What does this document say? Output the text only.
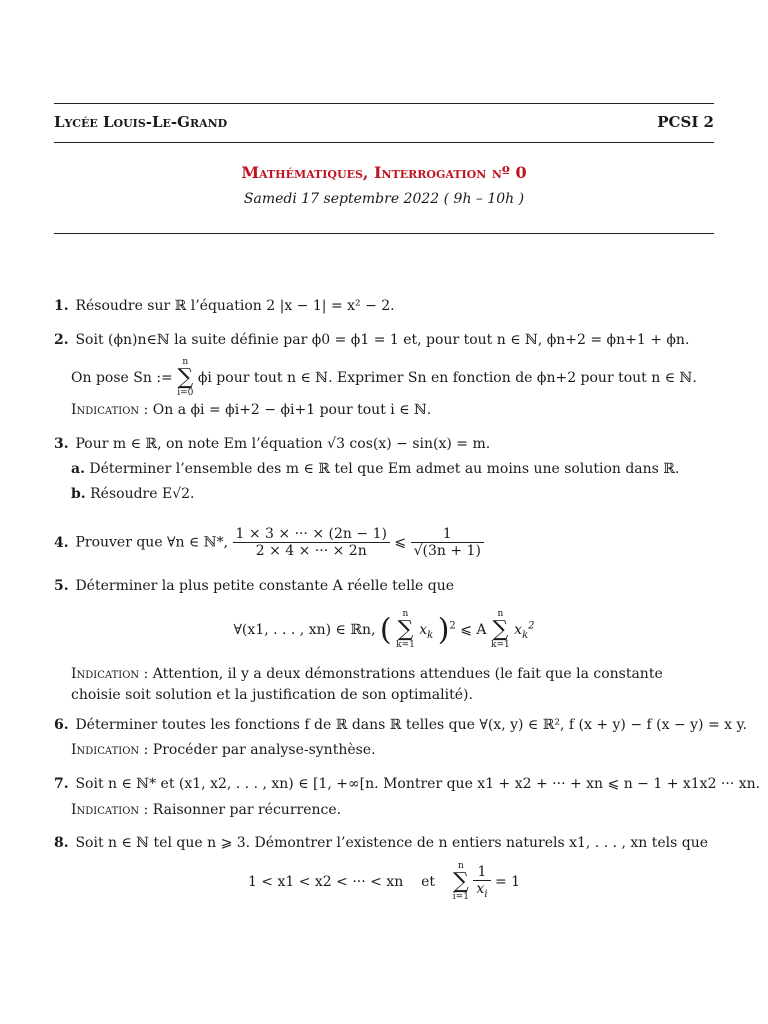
Lycée Louis-Le-Grand	PCSI 2
Mathématiques, Interrogation nº 0
Samedi 17 septembre 2022 ( 9h – 10h )
1. Résoudre sur ℝ l’équation 2 |x − 1| = x² − 2.
2. Soit (ϕn)n∈ℕ la suite définie par ϕ0 = ϕ1 = 1 et, pour tout n ∈ ℕ, ϕn+2 = ϕn+1 + ϕn.
On pose Sn :=
n
∑
i=0
ϕi pour tout n ∈ ℕ. Exprimer Sn en fonction de ϕn+2 pour tout n ∈ ℕ.
Indication : On a ϕi = ϕi+2 − ϕi+1 pour tout i ∈ ℕ.
3. Pour m ∈ ℝ, on note Em l’équation √3 cos(x) − sin(x) = m.
a. Déterminer l’ensemble des m ∈ ℝ tel que Em admet au moins une solution dans ℝ.
b. Résoudre E√2.
4. Prouver que ∀n ∈ ℕ*, $\frac{1 \times 3 \times \cdot\cdot\cdot \times (2n - 1)}{2 \times 4 \times \cdot\cdot\cdot \times 2n}$ ⩽ $\frac{1}{√(3n + 1)}$
5. Déterminer la plus petite constante A réelle telle que
∀(x1, . . . , xn) ∈ ℝn, (	n
∑
k=1
$x_k$ )$^2$ ⩽ A
n
∑
k=1
$x_k^2$
Indication : Attention, il y a deux démonstrations attendues (le fait que la constante choisie soit solution et la justification de son optimalité).
6. Déterminer toutes les fonctions f de ℝ dans ℝ telles que ∀(x, y) ∈ ℝ², f (x + y) − f (x − y) = x y.
Indication : Procéder par analyse-synthèse.
7. Soit n ∈ ℕ* et (x1, x2, . . . , xn) ∈ [1, +∞[n. Montrer que x1 + x2 + ··· + xn ⩽ n − 1 + x1x2 ··· xn.
Indication : Raisonner par récurrence.
8. Soit n ∈ ℕ tel que n ⩾ 3. Démontrer l’existence de n entiers naturels x1, . . . , xn tels que
1 < x1 < x2 < ··· < xn et
n
∑
i=1
$\frac{1}{x_i} = 1$
